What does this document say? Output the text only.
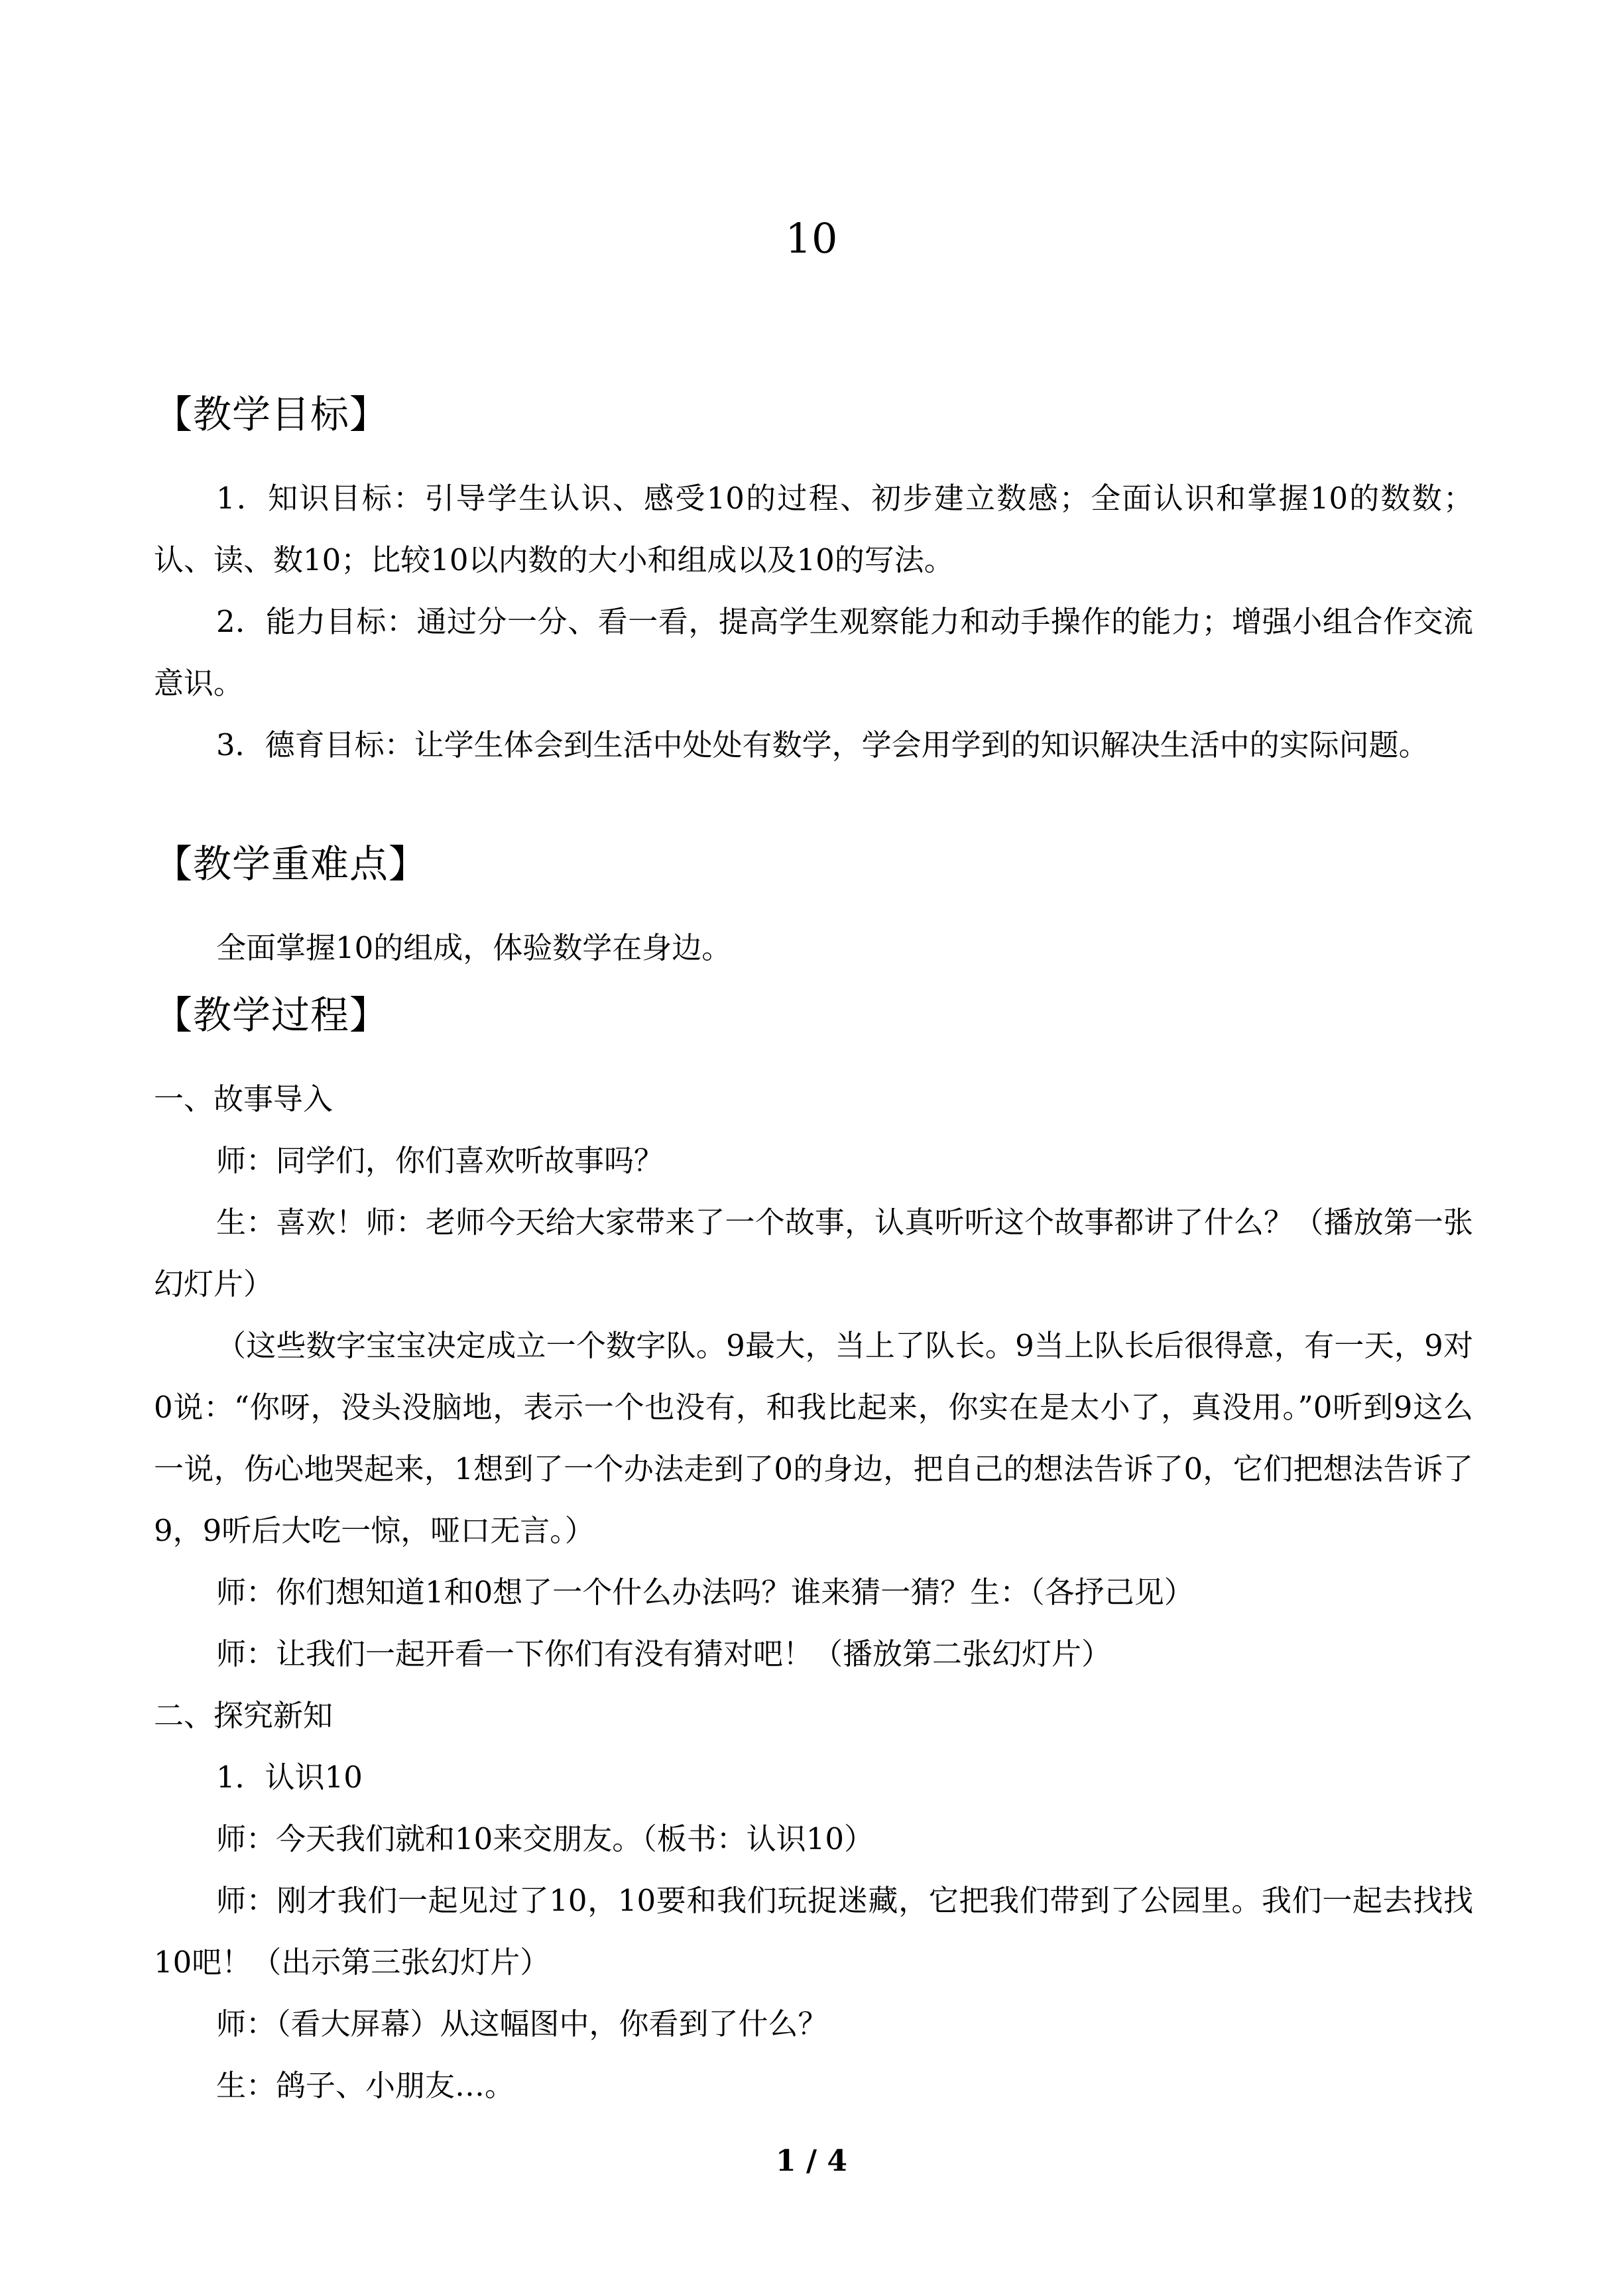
10
【教学目标】

1．知识目标：引导学生认识、感受10的过程、初步建立数感；全面认识和掌握10的数数；认、读、数10；比较10以内数的大小和组成以及10的写法。

2．能力目标：通过分一分、看一看，提高学生观察能力和动手操作的能力；增强小组合作交流意识。

3．德育目标：让学生体会到生活中处处有数学，学会用学到的知识解决生活中的实际问题。

【教学重难点】

全面掌握10的组成，体验数学在身边。

【教学过程】

一、故事导入

师：同学们，你们喜欢听故事吗？

生：喜欢！师：老师今天给大家带来了一个故事，认真听听这个故事都讲了什么？（播放第一张幻灯片）

（这些数字宝宝决定成立一个数字队。9最大，当上了队长。9当上队长后很得意，有一天，9对0说：“你呀，没头没脑地，表示一个也没有，和我比起来，你实在是太小了，真没用。”0听到9这么一说，伤心地哭起来，1想到了一个办法走到了0的身边，把自己的想法告诉了0，它们把想法告诉了9，9听后大吃一惊，哑口无言。）

师：你们想知道1和0想了一个什么办法吗？谁来猜一猜？生：（各抒己见）

师：让我们一起开看一下你们有没有猜对吧！（播放第二张幻灯片）

二、探究新知

1．认识10

师：今天我们就和10来交朋友。（板书：认识10）

师：刚才我们一起见过了10，10要和我们玩捉迷藏，它把我们带到了公园里。我们一起去找找10吧！（出示第三张幻灯片）

师：（看大屏幕）从这幅图中，你看到了什么？

生：鸽子、小朋友…。

1 / 4
